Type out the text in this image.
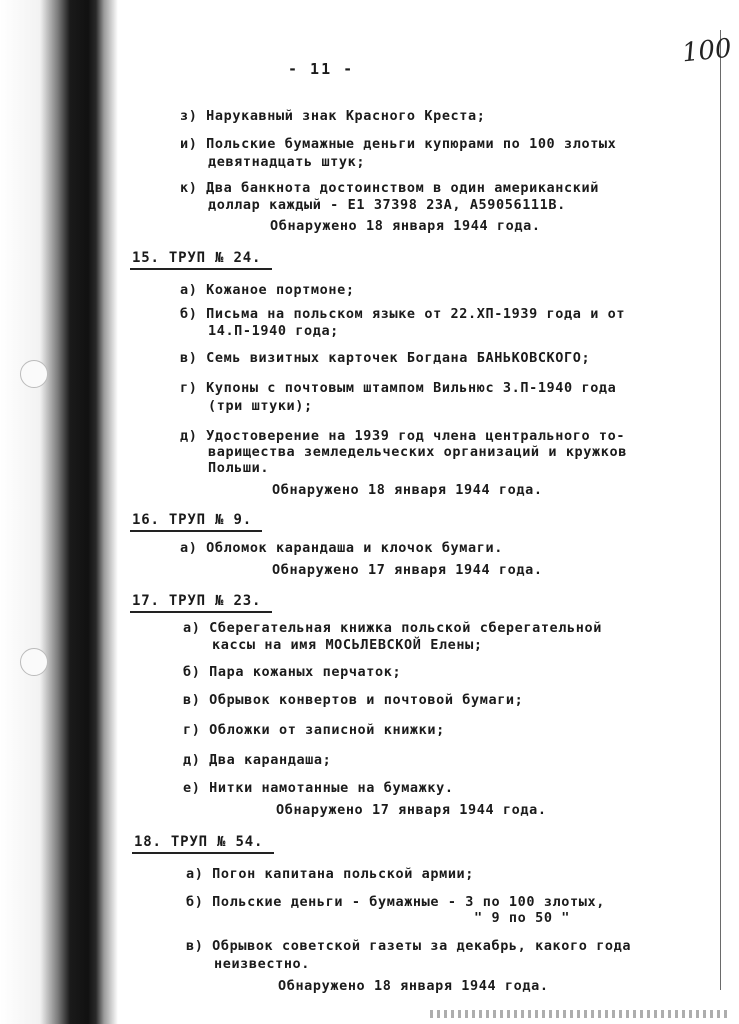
100
- 11 -
з) Нарукавный знак Красного Креста;
и) Польские бумажные деньги купюрами по 100 злотых
девятнадцать штук;
к) Два банкнота достоинством в один американский
доллар каждый - Е1 37398 23А, А59056111В.
Обнаружено 18 января 1944 года.
15. ТРУП № 24.
а) Кожаное портмоне;
б) Письма на польском языке от 22.ХП-1939 года и от
14.П-1940 года;
в) Семь визитных карточек Богдана БАНЬКОВСКОГО;
г) Купоны с почтовым штампом Вильнюс 3.П-1940 года
(три штуки);
д) Удостоверение на 1939 год члена центрального то-
варищества земледельческих организаций и кружков
Польши.
Обнаружено 18 января 1944 года.
16. ТРУП № 9.
а) Обломок карандаша и клочок бумаги.
Обнаружено 17 января 1944 года.
17. ТРУП № 23.
а) Сберегательная книжка польской сберегательной
кассы на имя МОСЬЛЕВСКОЙ Елены;
б) Пара кожаных перчаток;
в) Обрывок конвертов и почтовой бумаги;
г) Обложки от записной книжки;
д) Два карандаша;
е) Нитки намотанные на бумажку.
Обнаружено 17 января 1944 года.
18. ТРУП № 54.
а) Погон капитана польской армии;
б) Польские деньги - бумажные - 3 по 100 злотых,
" 9 по 50 "
в) Обрывок советской газеты за декабрь, какого года
неизвестно.
Обнаружено 18 января 1944 года.
